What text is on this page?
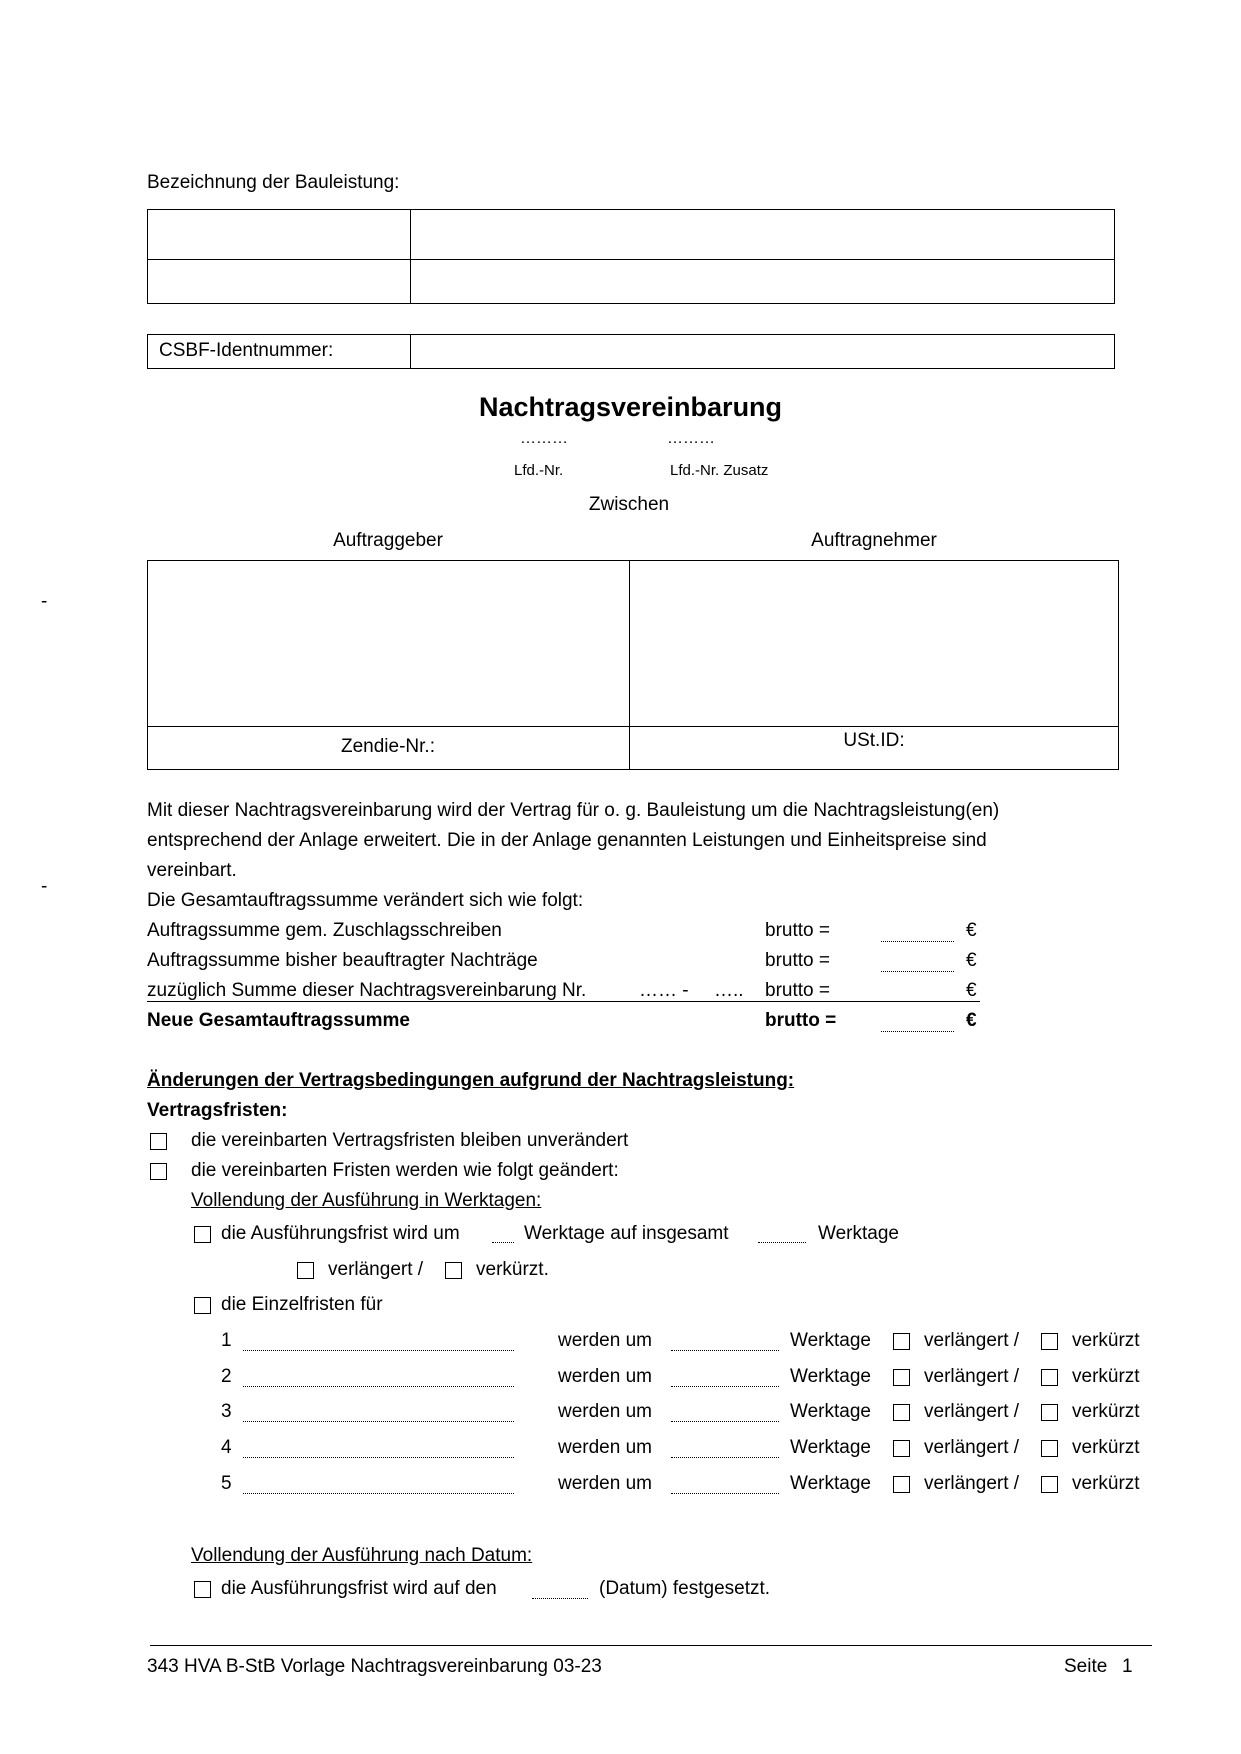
Bezeichnung der Bauleistung:
CSBF-Identnummer:
Nachtragsvereinbarung
………	………
Lfd.-Nr.	Lfd.-Nr. Zusatz
Zwischen
Auftraggeber	Auftragnehmer
Zendie-Nr.:	USt.ID:
-
-
Mit dieser Nachtragsvereinbarung wird der Vertrag für o. g. Bauleistung um die Nachtragsleistung(en)
entsprechend der Anlage erweitert. Die in der Anlage genannten Leistungen und Einheitspreise sind
vereinbart.
Die Gesamtauftragssumme verändert sich wie folgt:
Auftragssumme gem. Zuschlagsschreiben	brutto =	€
Auftragssumme bisher beauftragter Nachträge	brutto =	€
zuzüglich Summe dieser Nachtragsvereinbarung Nr.	…… - ….. brutto =	€
Neue Gesamtauftragssumme	brutto =	€
Änderungen der Vertragsbedingungen aufgrund der Nachtragsleistung:
Vertragsfristen:
die vereinbarten Vertragsfristen bleiben unverändert
die vereinbarten Fristen werden wie folgt geändert:
Vollendung der Ausführung in Werktagen:
die Ausführungsfrist wird um	Werktage auf insgesamt	Werktage
verlängert /	verkürzt.
die Einzelfristen für
1	werden um	Werktage	verlängert /	verkürzt
2	werden um	Werktage	verlängert /	verkürzt
3	werden um	Werktage	verlängert /	verkürzt
4	werden um	Werktage	verlängert /	verkürzt
5	werden um	Werktage	verlängert /	verkürzt
Vollendung der Ausführung nach Datum:
die Ausführungsfrist wird auf den	(Datum) festgesetzt.
343 HVA B-StB Vorlage Nachtragsvereinbarung 03-23	Seite 1
